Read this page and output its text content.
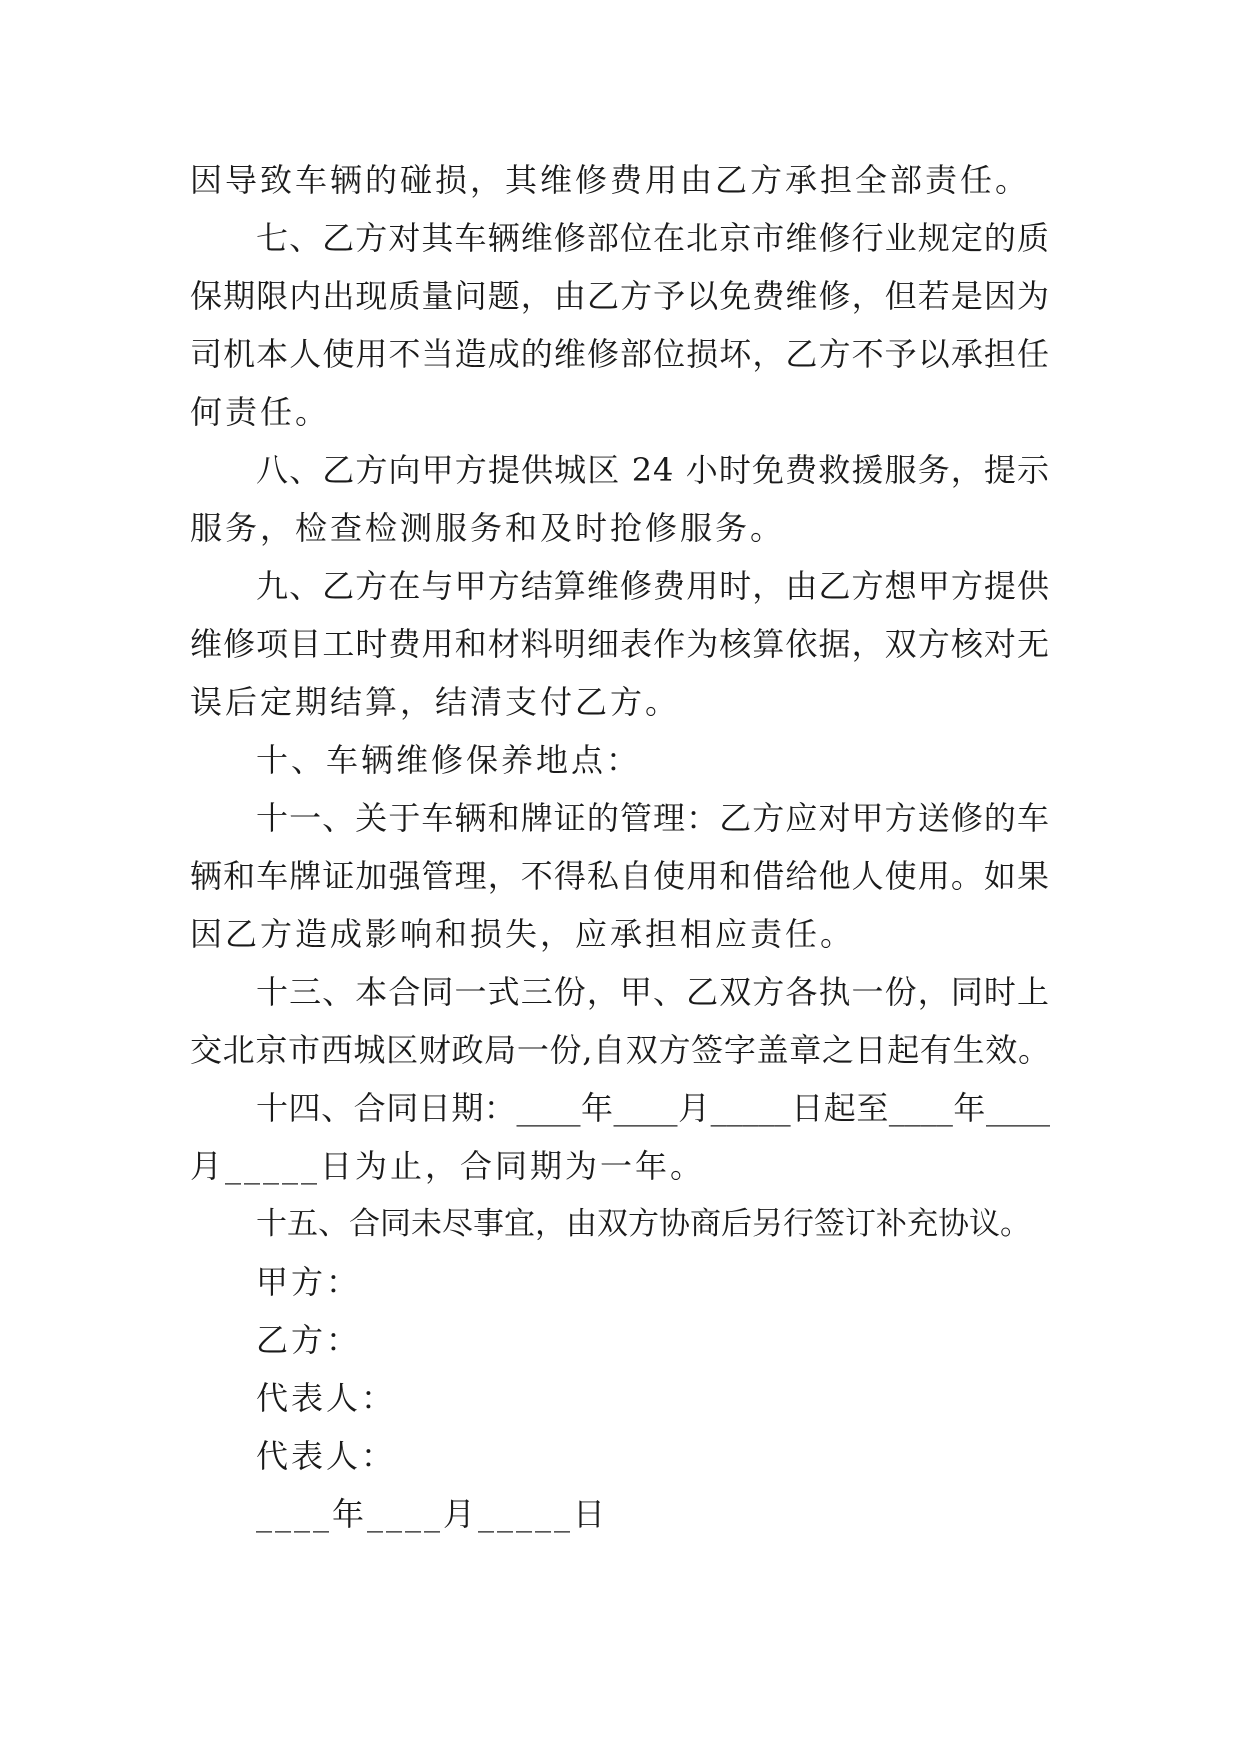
因导致车辆的碰损，其维修费用由乙方承担全部责任。
七、乙方对其车辆维修部位在北京市维修行业规定的质
保期限内出现质量问题，由乙方予以免费维修，但若是因为
司机本人使用不当造成的维修部位损坏，乙方不予以承担任
何责任。
八、乙方向甲方提供城区 24 小时免费救援服务，提示
服务，检查检测服务和及时抢修服务。
九、乙方在与甲方结算维修费用时，由乙方想甲方提供
维修项目工时费用和材料明细表作为核算依据，双方核对无
误后定期结算，结清支付乙方。
十、车辆维修保养地点：
十一、关于车辆和牌证的管理：乙方应对甲方送修的车
辆和车牌证加强管理，不得私自使用和借给他人使用。如果
因乙方造成影响和损失，应承担相应责任。
十三、本合同一式三份，甲、乙双方各执一份，同时上
交北京市西城区财政局一份,自双方签字盖章之日起有生效。
十四、合同日期：____年____月_____日起至____年____
月_____日为止，合同期为一年。
十五、合同未尽事宜，由双方协商后另行签订补充协议。
甲方：
乙方：
代表人：
代表人：
____年____月_____日
